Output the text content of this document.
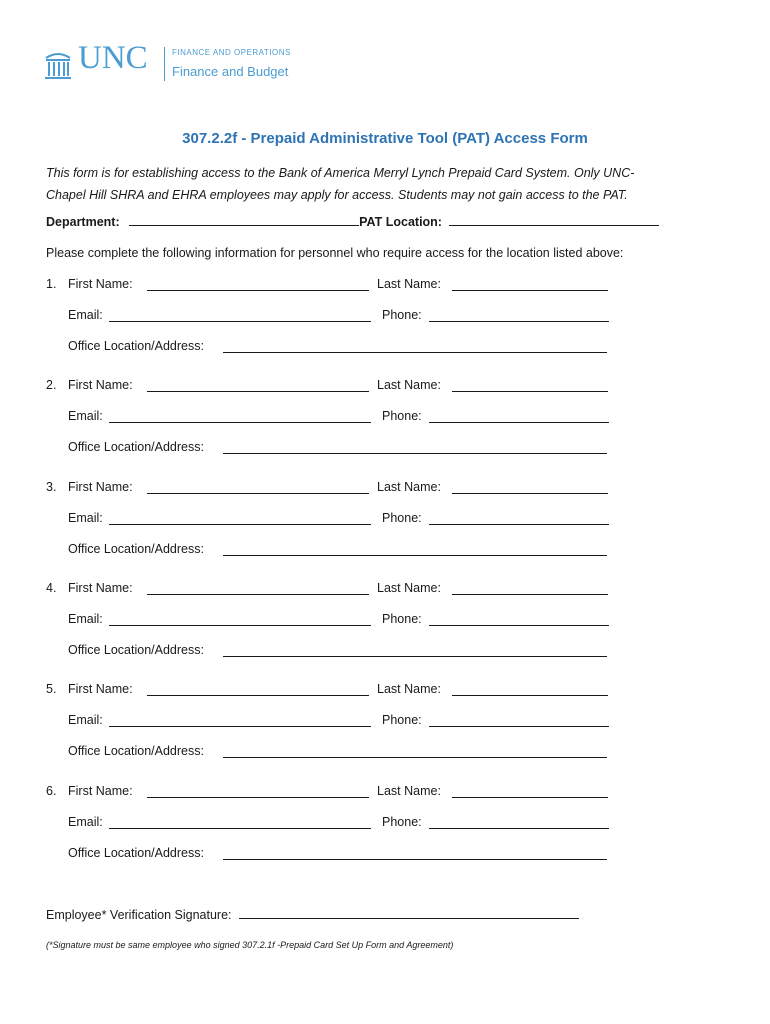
UNC	FINANCE AND OPERATIONS
Finance and Budget
307.2.2f - Prepaid Administrative Tool (PAT) Access Form
This form is for establishing access to the Bank of America Merryl Lynch Prepaid Card System. Only UNC-
Chapel Hill SHRA and EHRA employees may apply for access. Students may not gain access to the PAT.
Department:	PAT Location:
Please complete the following information for personnel who require access for the location listed above:
1. First Name:	Last Name:
Email:	Phone:
Office Location/Address:
2. First Name:	Last Name:
Email:	Phone:
Office Location/Address:
3. First Name:	Last Name:
Email:	Phone:
Office Location/Address:
4. First Name:	Last Name:
Email:	Phone:
Office Location/Address:
5. First Name:	Last Name:
Email:	Phone:
Office Location/Address:
6. First Name:	Last Name:
Email:	Phone:
Office Location/Address:
Employee* Verification Signature:
(*Signature must be same employee who signed 307.2.1f -Prepaid Card Set Up Form and Agreement)
